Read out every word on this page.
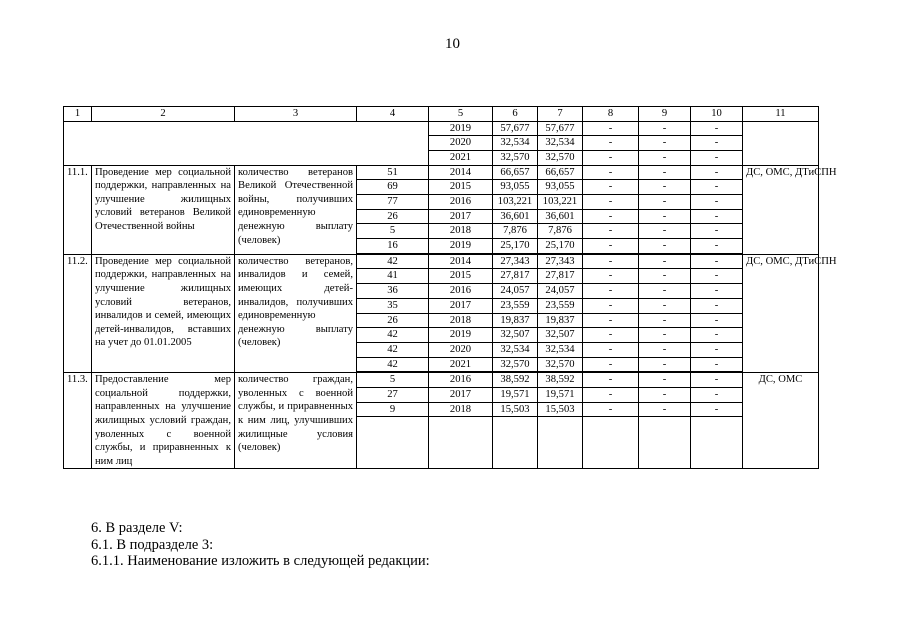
10
1	2	3	4	5	6	7	8	9	10	11
				2019	57,677	57,677	-	-	-	
				2020	32,534	32,534	-	-	-	
				2021	32,570	32,570	-	-	-	
11.1.	Проведение мер социальной поддержки, направленных на улучшение жилищных условий ветеранов Великой Отечественной войны	количество ветеранов Великой Отечественной войны, получивших единовременную денежную выплату (человек)	51	2014	66,657	66,657	-	-	-	ДС, ОМС, ДТиСПН
			69	2015	93,055	93,055	-	-	-	
			77	2016	103,221	103,221	-	-	-	
			26	2017	36,601	36,601	-	-	-	
			5	2018	7,876	7,876	-	-	-	
			16	2019	25,170	25,170	-	-	-	

11.2.	Проведение мер социальной поддержки, направленных на улучшение жилищных условий ветеранов, инвалидов и семей, имеющих детей-инвалидов, вставших на учет до 01.01.2005	количество ветеранов, инвалидов и семей, имеющих детей-инвалидов, получивших единовременную денежную выплату (человек)	42	2014	27,343	27,343	-	-	-	ДС, ОМС, ДТиСПН
			41	2015	27,817	27,817	-	-	-	
			36	2016	24,057	24,057	-	-	-	
			35	2017	23,559	23,559	-	-	-	
			26	2018	19,837	19,837	-	-	-	
			42	2019	32,507	32,507	-	-	-	
			42	2020	32,534	32,534	-	-	-	
			42	2021	32,570	32,570	-	-	-	

11.3.	Предоставление мер социальной поддержки, направленных на улучшение жилищных условий граждан, уволенных с военной службы, и приравненных к ним лиц	количество граждан, уволенных с военной службы, и приравненных к ним лиц, улучшивших жилищные условия (человек)	5	2016	38,592	38,592	-	-	-	ДС, ОМС
			27	2017	19,571	19,571	-	-	-	
			9	2018	15,503	15,503	-	-	-	

6. В разделе V:
6.1. В подразделе 3:
6.1.1. Наименование изложить в следующей редакции:
